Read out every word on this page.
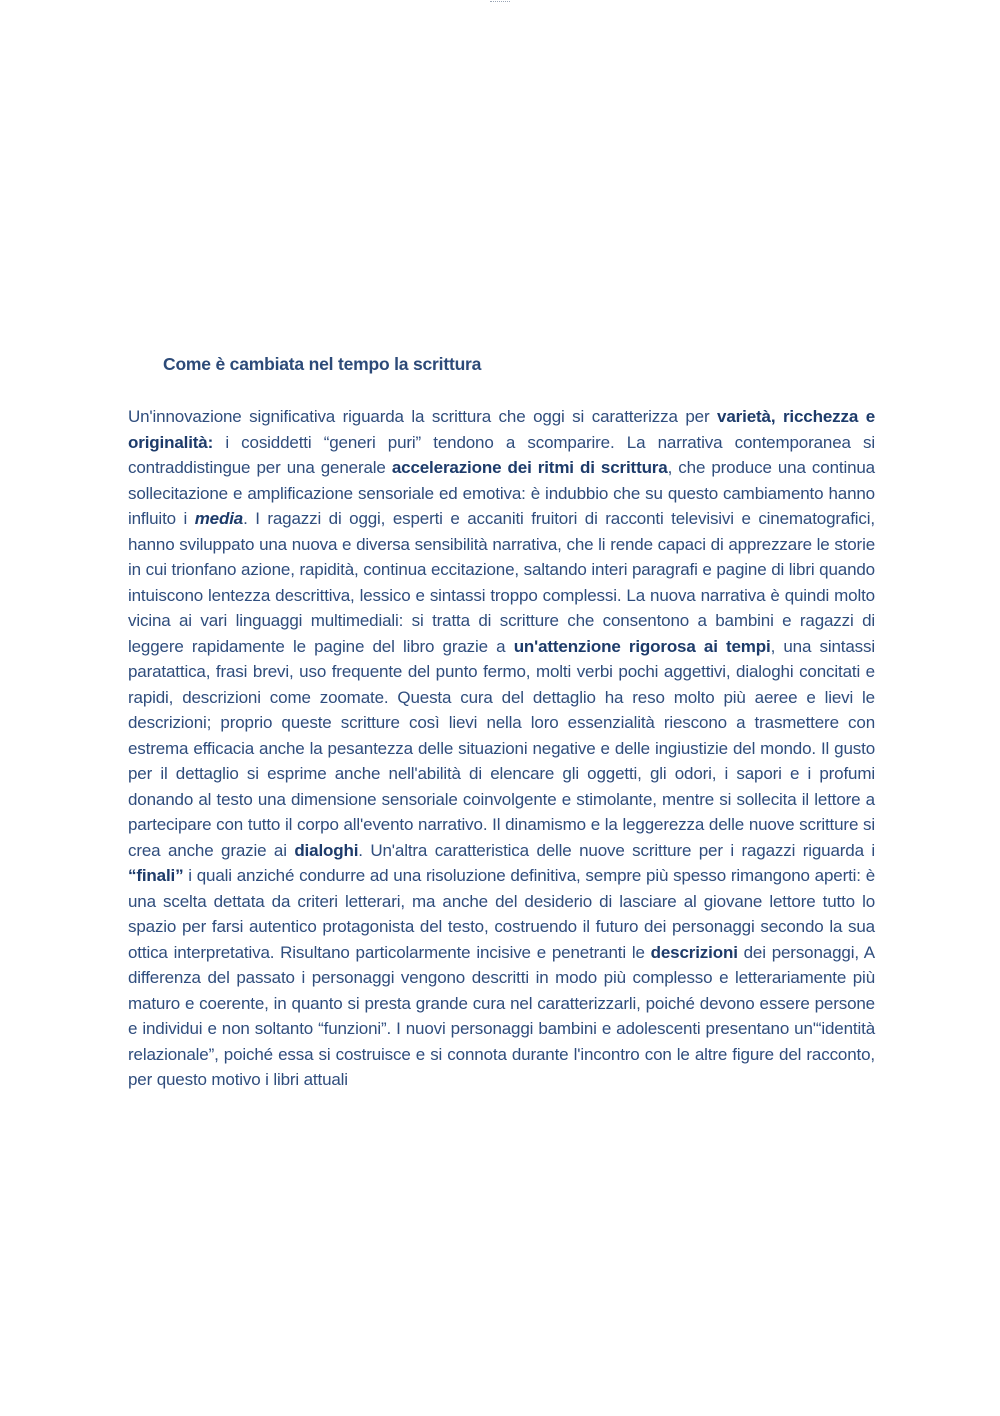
Come è cambiata nel tempo la scrittura

Un'innovazione significativa riguarda la scrittura che oggi si caratterizza per varietà, ricchezza e originalità: i cosiddetti “generi puri” tendono a scomparire. La narrativa contemporanea si contraddistingue per una generale accelerazione dei ritmi di scrittura, che produce una continua sollecitazione e amplificazione sensoriale ed emotiva: è indubbio che su questo cambiamento hanno influito i media. I ragazzi di oggi, esperti e accaniti fruitori di racconti televisivi e cinematografici, hanno sviluppato una nuova e diversa sensibilità narrativa, che li rende capaci di apprezzare le storie in cui trionfano azione, rapidità, continua eccitazione, saltando interi paragrafi e pagine di libri quando intuiscono lentezza descrittiva, lessico e sintassi troppo complessi. La nuova narrativa è quindi molto vicina ai vari linguaggi multimediali: si tratta di scritture che consentono a bambini e ragazzi di leggere rapidamente le pagine del libro grazie a un'attenzione rigorosa ai tempi, una sintassi paratattica, frasi brevi, uso frequente del punto fermo, molti verbi pochi aggettivi, dialoghi concitati e rapidi, descrizioni come zoomate. Questa cura del dettaglio ha reso molto più aeree e lievi le descrizioni; proprio queste scritture così lievi nella loro essenzialità riescono a trasmettere con estrema efficacia anche la pesantezza delle situazioni negative e delle ingiustizie del mondo. Il gusto per il dettaglio si esprime anche nell'abilità di elencare gli oggetti, gli odori, i sapori e i profumi donando al testo una dimensione sensoriale coinvolgente e stimolante, mentre si sollecita il lettore a partecipare con tutto il corpo all'evento narrativo. Il dinamismo e la leggerezza delle nuove scritture si crea anche grazie ai dialoghi. Un'altra caratteristica delle nuove scritture per i ragazzi riguarda i “finali” i quali anziché condurre ad una risoluzione definitiva, sempre più spesso rimangono aperti: è una scelta dettata da criteri letterari, ma anche del desiderio di lasciare al giovane lettore tutto lo spazio per farsi autentico protagonista del testo, costruendo il futuro dei personaggi secondo la sua ottica interpretativa. Risultano particolarmente incisive e penetranti le descrizioni dei personaggi, A differenza del passato i personaggi vengono descritti in modo più complesso e letterariamente più maturo e coerente, in quanto si presta grande cura nel caratterizzarli, poiché devono essere persone e individui e non soltanto “funzioni”. I nuovi personaggi bambini e adolescenti presentano un'“identità relazionale”, poiché essa si costruisce e si connota durante l'incontro con le altre figure del racconto, per questo motivo i libri attuali
